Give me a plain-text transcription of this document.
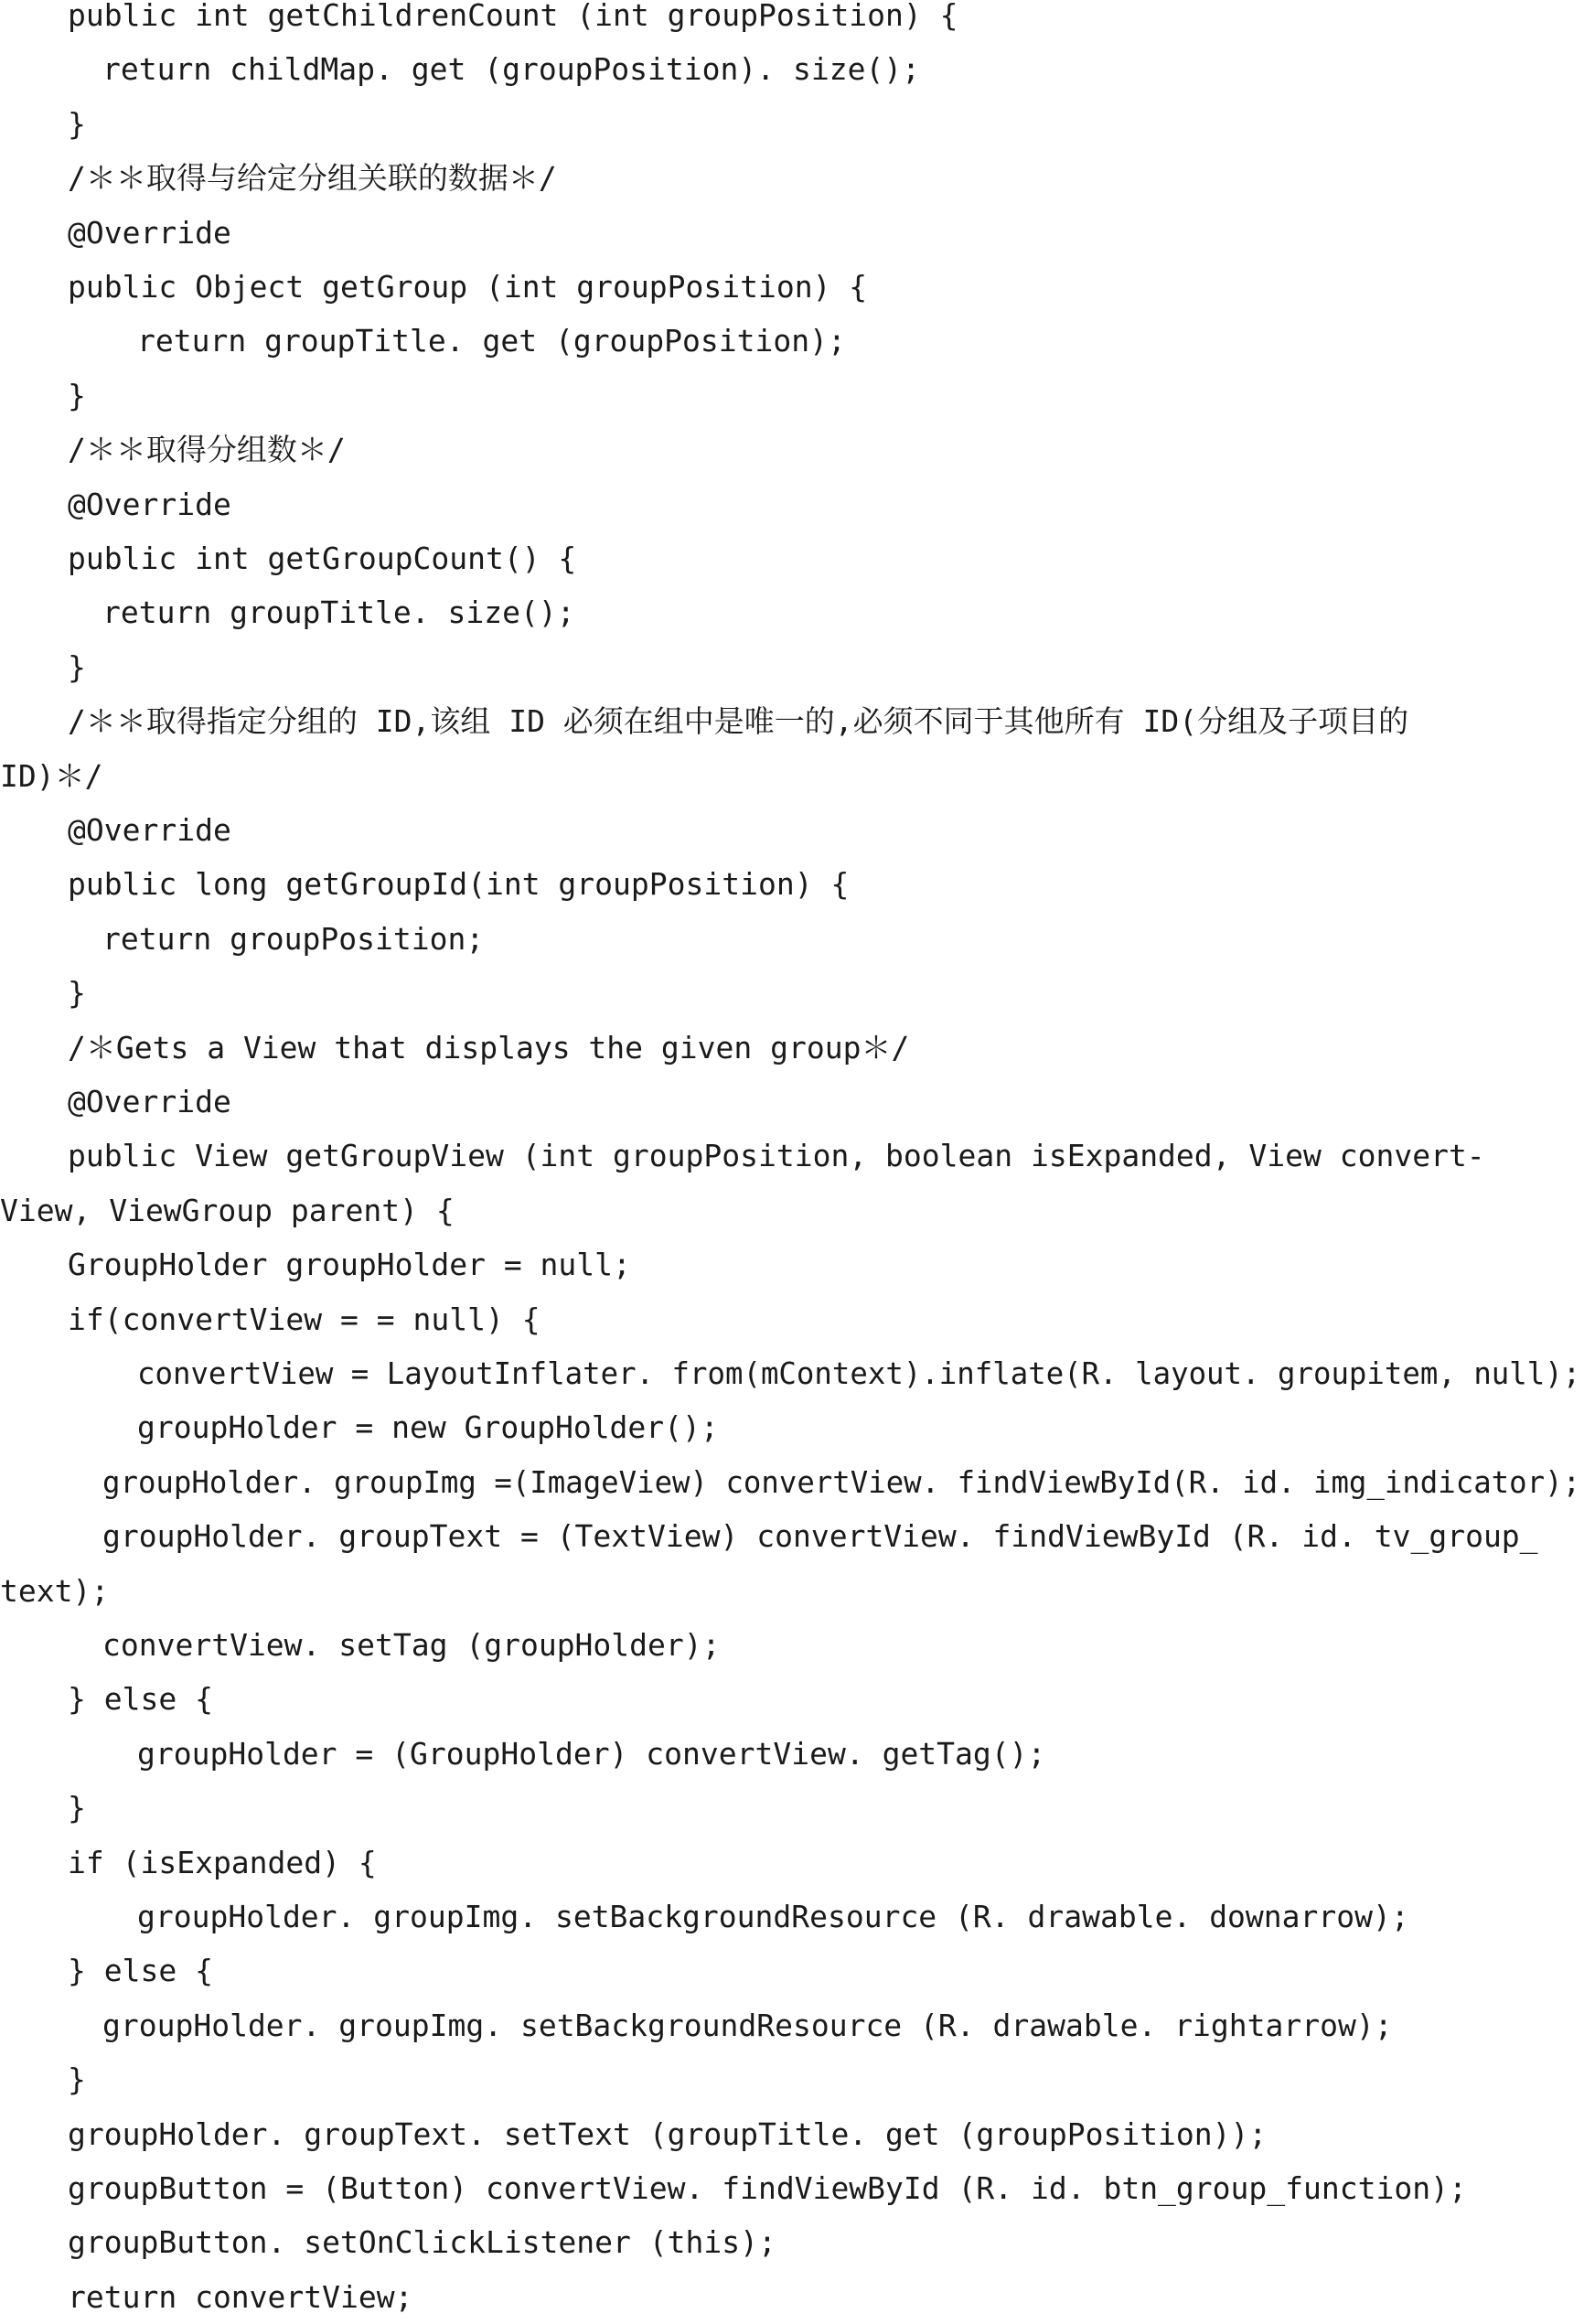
public int getChildrenCount (int groupPosition) {
return childMap. get (groupPosition). size();
}
/＊＊取得与给定分组关联的数据＊/
@Override
public Object getGroup (int groupPosition) {
return groupTitle. get (groupPosition);
}
/＊＊取得分组数＊/
@Override
public int getGroupCount() {
return groupTitle. size();
}
/＊＊取得指定分组的 ID,该组 ID 必须在组中是唯一的,必须不同于其他所有 ID(分组及子项目的
ID)＊/
@Override
public long getGroupId(int groupPosition) {
return groupPosition;
}
/＊Gets a View that displays the given group＊/
@Override
public View getGroupView (int groupPosition, boolean isExpanded, View convert-
View, ViewGroup parent) {
GroupHolder groupHolder = null;
if(convertView = = null) {
convertView = LayoutInflater. from(mContext).inflate(R. layout. groupitem, null);
groupHolder = new GroupHolder();
groupHolder. groupImg =(ImageView) convertView. findViewById(R. id. img_indicator);
groupHolder. groupText = (TextView) convertView. findViewById (R. id. tv_group_
text);
convertView. setTag (groupHolder);
} else {
groupHolder = (GroupHolder) convertView. getTag();
}
if (isExpanded) {
groupHolder. groupImg. setBackgroundResource (R. drawable. downarrow);
} else {
groupHolder. groupImg. setBackgroundResource (R. drawable. rightarrow);
}
groupHolder. groupText. setText (groupTitle. get (groupPosition));
groupButton = (Button) convertView. findViewById (R. id. btn_group_function);
groupButton. setOnClickListener (this);
return convertView;
